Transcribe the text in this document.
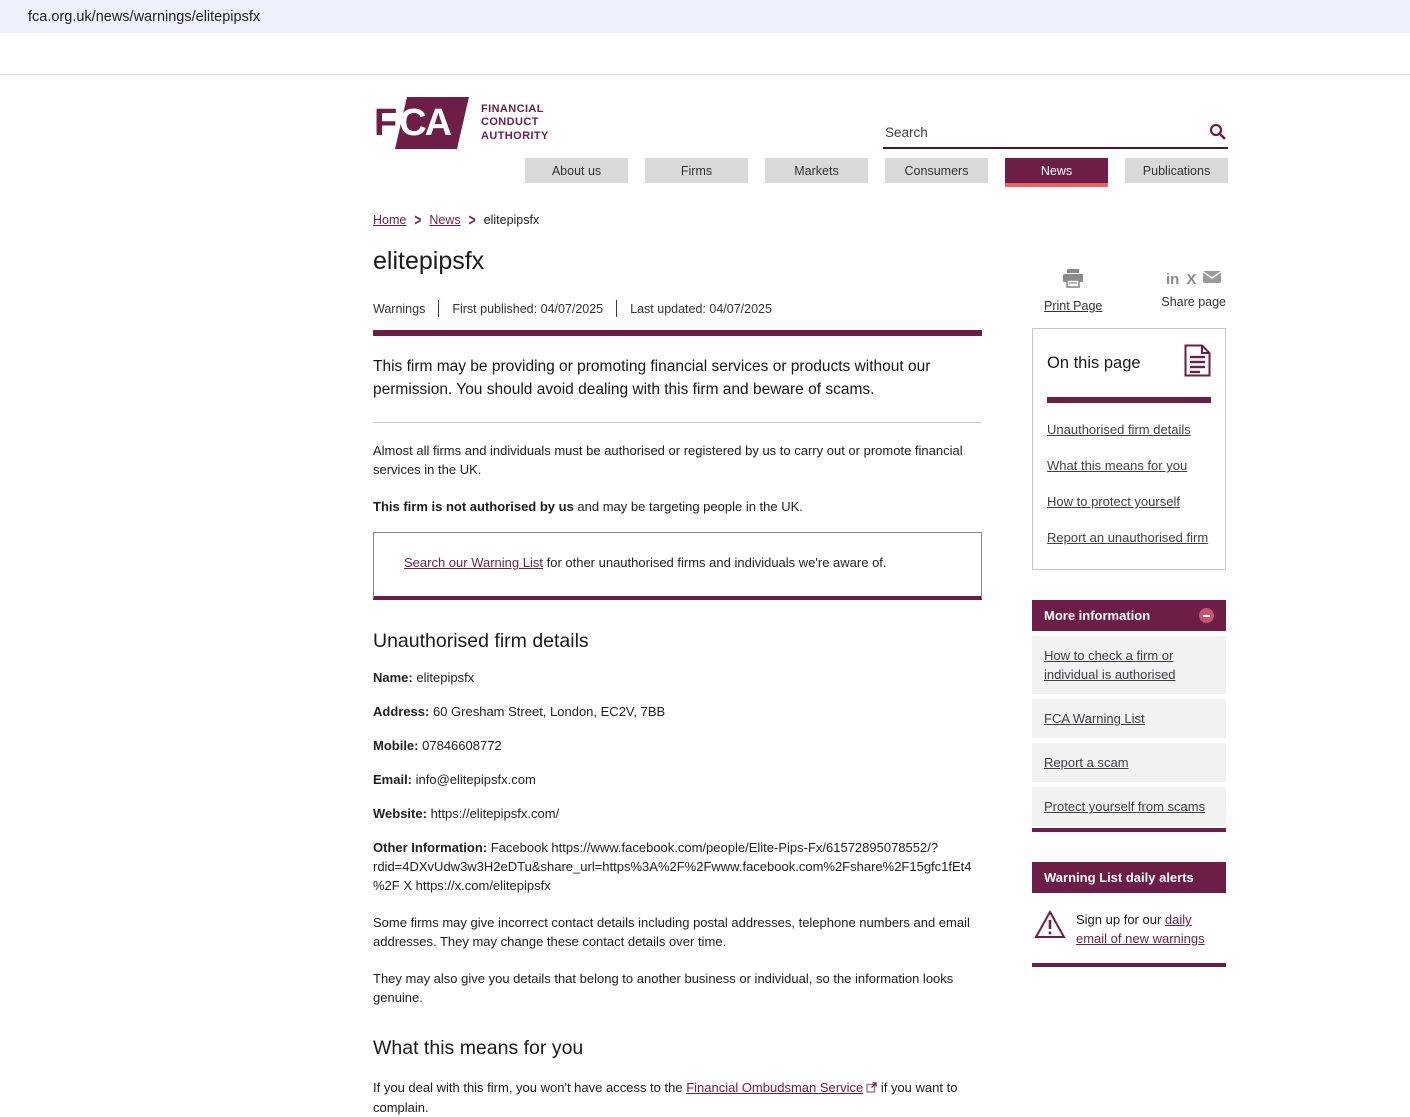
fca.org.uk/news/warnings/elitepipsfx
F C A	FINANCIAL
CONDUCT
AUTHORITY
Search
About us	Firms	Markets	Consumers	News	Publications
Home > News > elitepipsfx
elitepipsfx
Warnings First published: 04/07/2025 Last updated: 04/07/2025

This firm may be providing or promoting financial services or products without our permission. You should avoid dealing with this firm and beware of scams.

Almost all firms and individuals must be authorised or registered by us to carry out or promote financial services in the UK.

This firm is not authorised by us and may be targeting people in the UK.

Search our Warning List for other unauthorised firms and individuals we're aware of.
Unauthorised firm details

Name: elitepipsfx

Address: 60 Gresham Street, London, EC2V, 7BB

Mobile: 07846608772

Email: info@elitepipsfx.com

Website: https://elitepipsfx.com/

Other Information: Facebook https://www.facebook.com/people/Elite-Pips-Fx/61572895078552/?rdid=4DXvUdw3w3H2eDTu&share_url=https%3A%2F%2Fwww.facebook.com%2Fshare%2F15gfc1fEt4%2F X https://x.com/elitepipsfx

Some firms may give incorrect contact details including postal addresses, telephone numbers and email addresses. They may change these contact details over time.

They may also give you details that belong to another business or individual, so the information looks genuine.

What this means for you

If you deal with this firm, you won't have access to the Financial Ombudsman Service if you want to complain.

Print Page
in X
Share page
On this page
Unauthorised firm details
What this means for you
How to protect yourself
Report an unauthorised firm
More information
How to check a firm or individual is authorised
FCA Warning List
Report a scam
Protect yourself from scams
Warning List daily alerts
Sign up for our daily email of new warnings
